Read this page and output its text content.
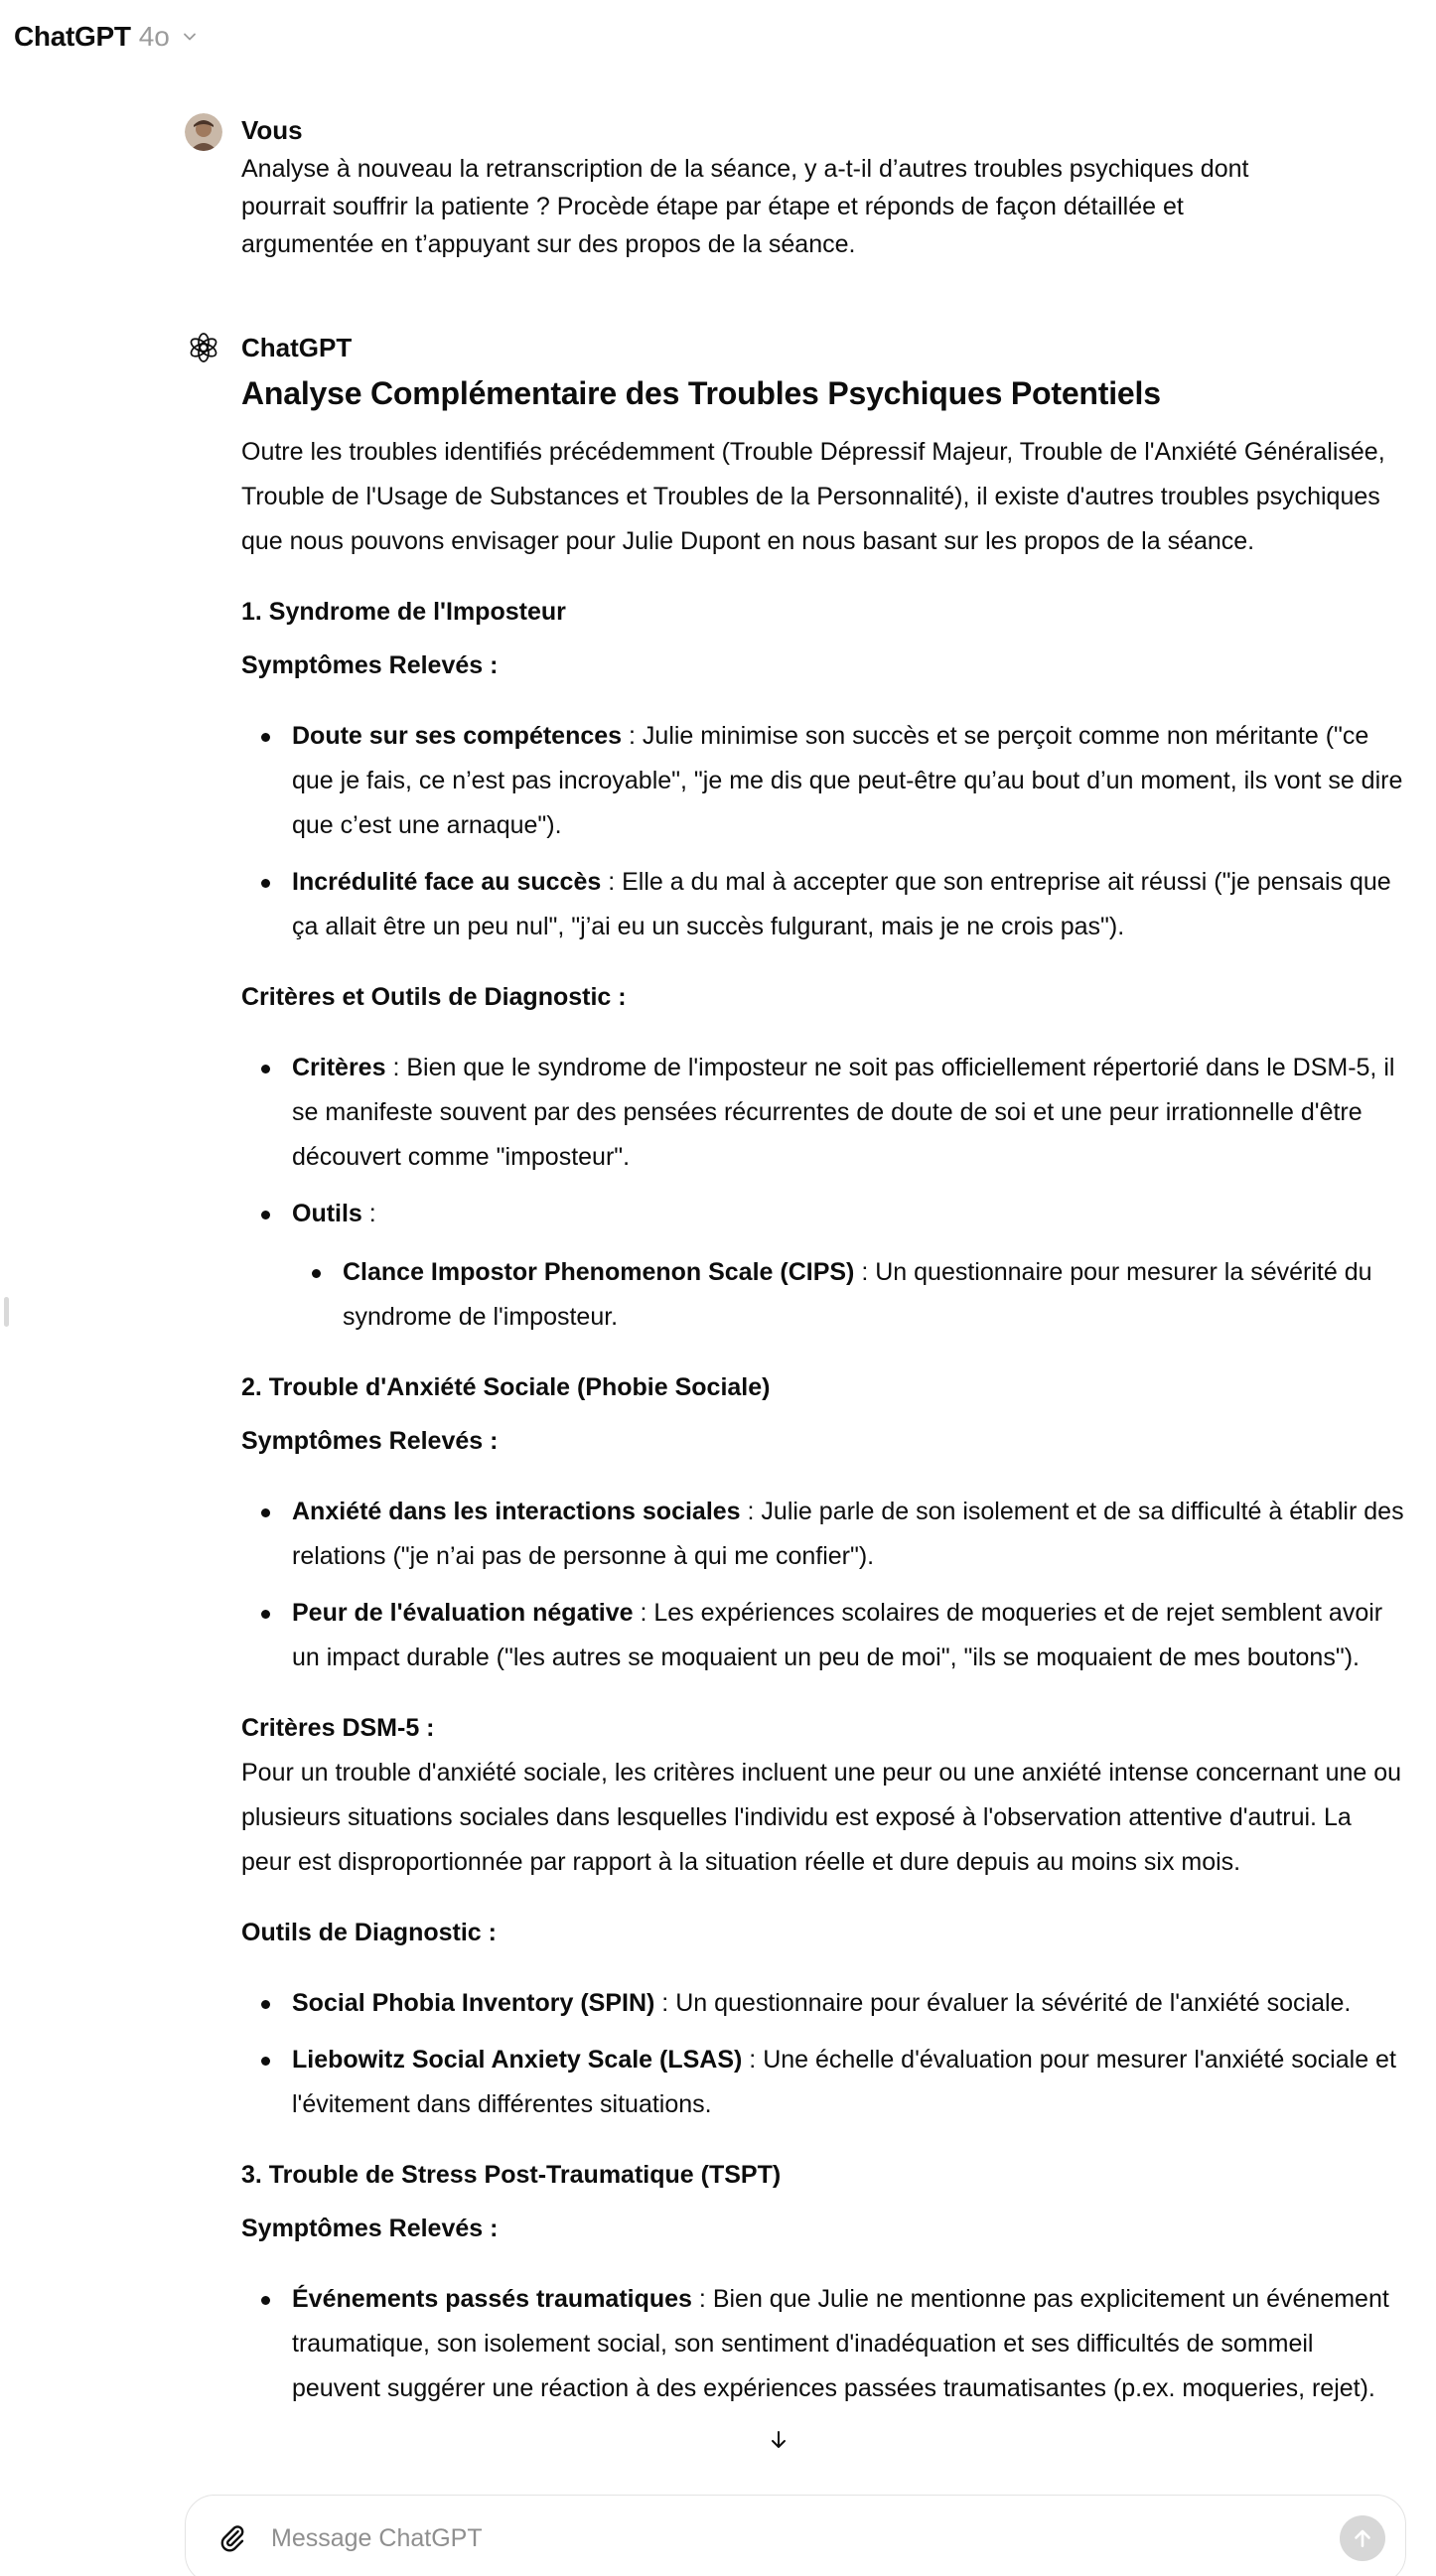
ChatGPT 4o
Vous
Analyse à nouveau la retranscription de la séance, y a-t-il d’autres troubles psychiques dont pourrait souffrir la patiente ? Procède étape par étape et réponds de façon détaillée et argumentée en t’appuyant sur des propos de la séance.
ChatGPT
Analyse Complémentaire des Troubles Psychiques Potentiels

Outre les troubles identifiés précédemment (Trouble Dépressif Majeur, Trouble de l'Anxiété Généralisée, Trouble de l'Usage de Substances et Troubles de la Personnalité), il existe d'autres troubles psychiques que nous pouvons envisager pour Julie Dupont en nous basant sur les propos de la séance.

1. Syndrome de l'Imposteur

Symptômes Relevés :

Doute sur ses compétences : Julie minimise son succès et se perçoit comme non méritante ("ce que je fais, ce n’est pas incroyable", "je me dis que peut-être qu’au bout d’un moment, ils vont se dire que c’est une arnaque").
Incrédulité face au succès : Elle a du mal à accepter que son entreprise ait réussi ("je pensais que ça allait être un peu nul", "j’ai eu un succès fulgurant, mais je ne crois pas").

Critères et Outils de Diagnostic :

Critères : Bien que le syndrome de l'imposteur ne soit pas officiellement répertorié dans le DSM-5, il se manifeste souvent par des pensées récurrentes de doute de soi et une peur irrationnelle d'être découvert comme "imposteur".
Outils :
Clance Impostor Phenomenon Scale (CIPS) : Un questionnaire pour mesurer la sévérité du syndrome de l'imposteur.
2. Trouble d'Anxiété Sociale (Phobie Sociale)

Symptômes Relevés :

Anxiété dans les interactions sociales : Julie parle de son isolement et de sa difficulté à établir des relations ("je n’ai pas de personne à qui me confier").
Peur de l'évaluation négative : Les expériences scolaires de moqueries et de rejet semblent avoir un impact durable ("les autres se moquaient un peu de moi", "ils se moquaient de mes boutons").

Critères DSM-5 :

Pour un trouble d'anxiété sociale, les critères incluent une peur ou une anxiété intense concernant une ou plusieurs situations sociales dans lesquelles l'individu est exposé à l'observation attentive d'autrui. La peur est disproportionnée par rapport à la situation réelle et dure depuis au moins six mois.

Outils de Diagnostic :

Social Phobia Inventory (SPIN) : Un questionnaire pour évaluer la sévérité de l'anxiété sociale.
Liebowitz Social Anxiety Scale (LSAS) : Une échelle d'évaluation pour mesurer l'anxiété sociale et l'évitement dans différentes situations.
3. Trouble de Stress Post-Traumatique (TSPT)

Symptômes Relevés :

Événements passés traumatiques : Bien que Julie ne mentionne pas explicitement un événement traumatique, son isolement social, son sentiment d'inadéquation et ses difficultés de sommeil peuvent suggérer une réaction à des expériences passées traumatisantes (p.ex. moqueries, rejet).
Message ChatGPT
